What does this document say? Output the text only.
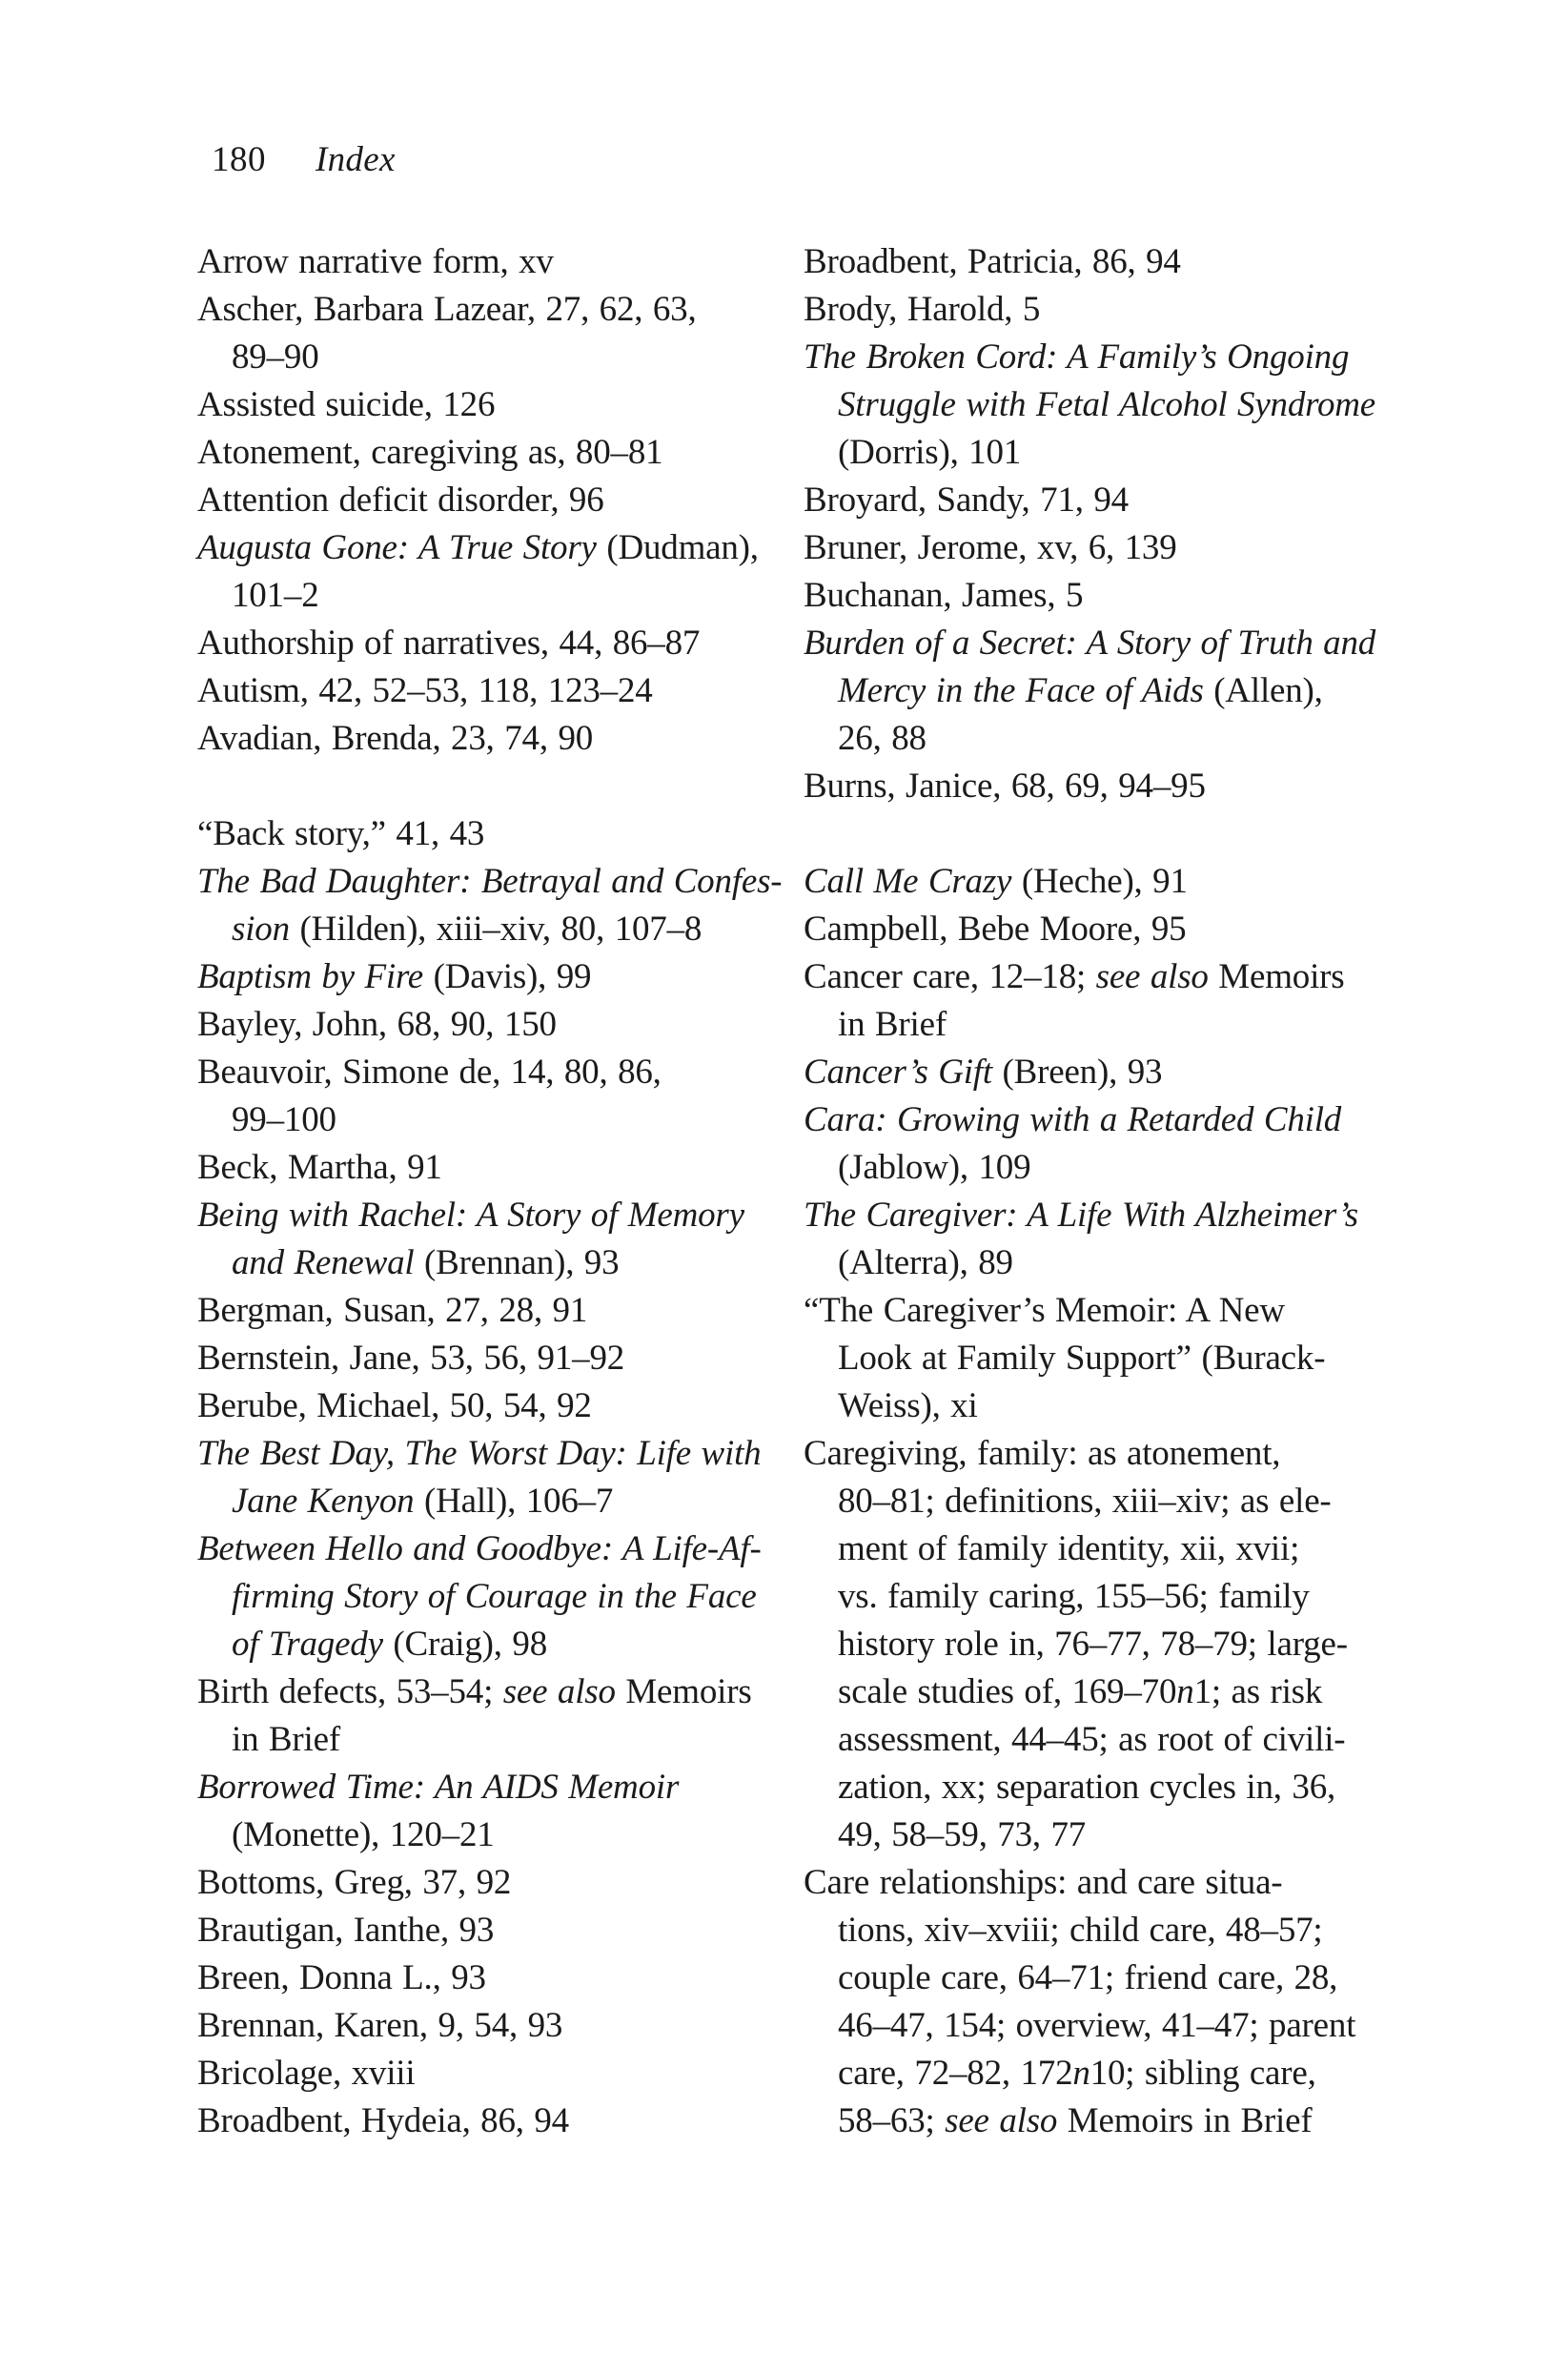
180 Index
Arrow narrative form, xv
Ascher, Barbara Lazear, 27, 62, 63,
89–90
Assisted suicide, 126
Atonement, caregiving as, 80–81
Attention deficit disorder, 96
Augusta Gone: A True Story (Dudman),
101–2
Authorship of narratives, 44, 86–87
Autism, 42, 52–53, 118, 123–24
Avadian, Brenda, 23, 74, 90
“Back story,” 41, 43
The Bad Daughter: Betrayal and Confes-
sion (Hilden), xiii–xiv, 80, 107–8
Baptism by Fire (Davis), 99
Bayley, John, 68, 90, 150
Beauvoir, Simone de, 14, 80, 86,
99–100
Beck, Martha, 91
Being with Rachel: A Story of Memory
and Renewal (Brennan), 93
Bergman, Susan, 27, 28, 91
Bernstein, Jane, 53, 56, 91–92
Berube, Michael, 50, 54, 92
The Best Day, The Worst Day: Life with
Jane Kenyon (Hall), 106–7
Between Hello and Goodbye: A Life-Af-
firming Story of Courage in the Face
of Tragedy (Craig), 98
Birth defects, 53–54; see also Memoirs
in Brief
Borrowed Time: An AIDS Memoir
(Monette), 120–21
Bottoms, Greg, 37, 92
Brautigan, Ianthe, 93
Breen, Donna L., 93
Brennan, Karen, 9, 54, 93
Bricolage, xviii
Broadbent, Hydeia, 86, 94
Broadbent, Patricia, 86, 94
Brody, Harold, 5
The Broken Cord: A Family’s Ongoing
Struggle with Fetal Alcohol Syndrome
(Dorris), 101
Broyard, Sandy, 71, 94
Bruner, Jerome, xv, 6, 139
Buchanan, James, 5
Burden of a Secret: A Story of Truth and
Mercy in the Face of Aids (Allen),
26, 88
Burns, Janice, 68, 69, 94–95
Call Me Crazy (Heche), 91
Campbell, Bebe Moore, 95
Cancer care, 12–18; see also Memoirs
in Brief
Cancer’s Gift (Breen), 93
Cara: Growing with a Retarded Child
(Jablow), 109
The Caregiver: A Life With Alzheimer’s
(Alterra), 89
“The Caregiver’s Memoir: A New
Look at Family Support” (Burack-
Weiss), xi
Caregiving, family: as atonement,
80–81; definitions, xiii–xiv; as ele-
ment of family identity, xii, xvii;
vs. family caring, 155–56; family
history role in, 76–77, 78–79; large-
scale studies of, 169–70n1; as risk
assessment, 44–45; as root of civili-
zation, xx; separation cycles in, 36,
49, 58–59, 73, 77
Care relationships: and care situa-
tions, xiv–xviii; child care, 48–57;
couple care, 64–71; friend care, 28,
46–47, 154; overview, 41–47; parent
care, 72–82, 172n10; sibling care,
58–63; see also Memoirs in Brief
